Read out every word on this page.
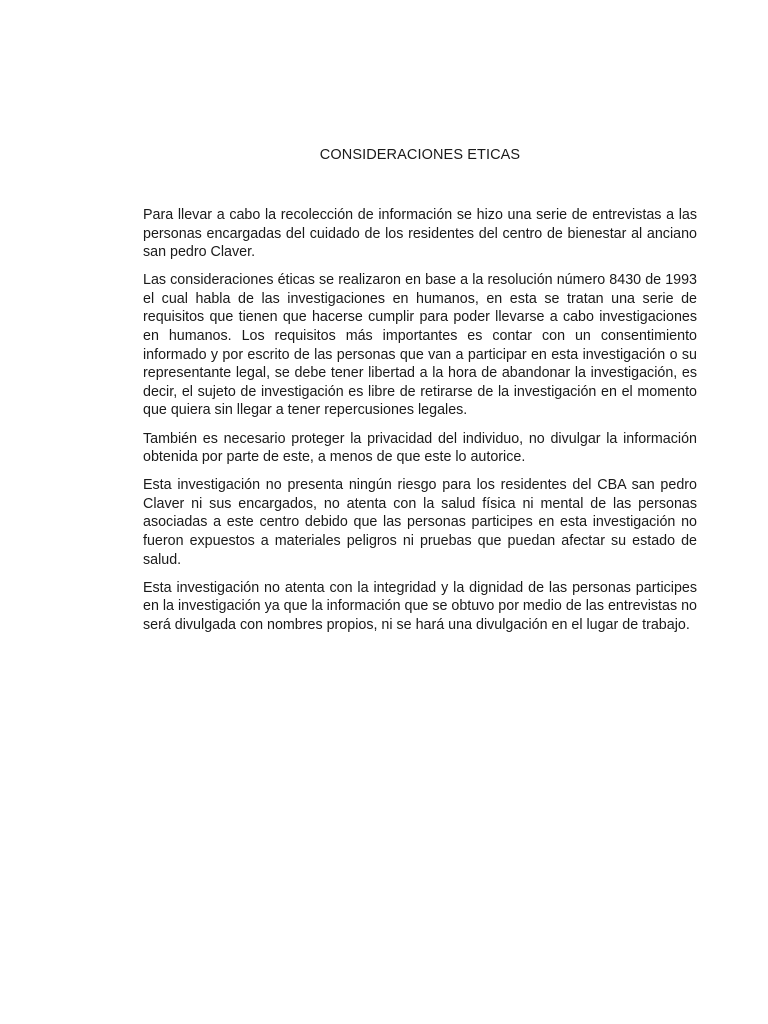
CONSIDERACIONES ETICAS

Para llevar a cabo la recolección de información se hizo una serie de entrevistas a las personas encargadas del cuidado de los residentes del centro de bienestar al anciano san pedro Claver.

Las consideraciones éticas se realizaron en base a la resolución número 8430 de 1993 el cual habla de las investigaciones en humanos, en esta se tratan una serie de requisitos que tienen que hacerse cumplir para poder llevarse a cabo investigaciones en humanos. Los requisitos más importantes es contar con un consentimiento informado y por escrito de las personas que van a participar en esta investigación o su representante legal, se debe tener libertad a la hora de abandonar la investigación, es decir, el sujeto de investigación es libre de retirarse de la investigación en el momento que quiera sin llegar a tener repercusiones legales.

También es necesario proteger la privacidad del individuo, no divulgar la información obtenida por parte de este, a menos de que este lo autorice.

Esta investigación no presenta ningún riesgo para los residentes del CBA san pedro Claver ni sus encargados, no atenta con la salud física ni mental de las personas asociadas a este centro debido que las personas participes en esta investigación no fueron expuestos a materiales peligros ni pruebas que puedan afectar su estado de salud.

Esta investigación no atenta con la integridad y la dignidad de las personas participes en la investigación ya que la información que se obtuvo por medio de las entrevistas no será divulgada con nombres propios, ni se hará una divulgación en el lugar de trabajo.
